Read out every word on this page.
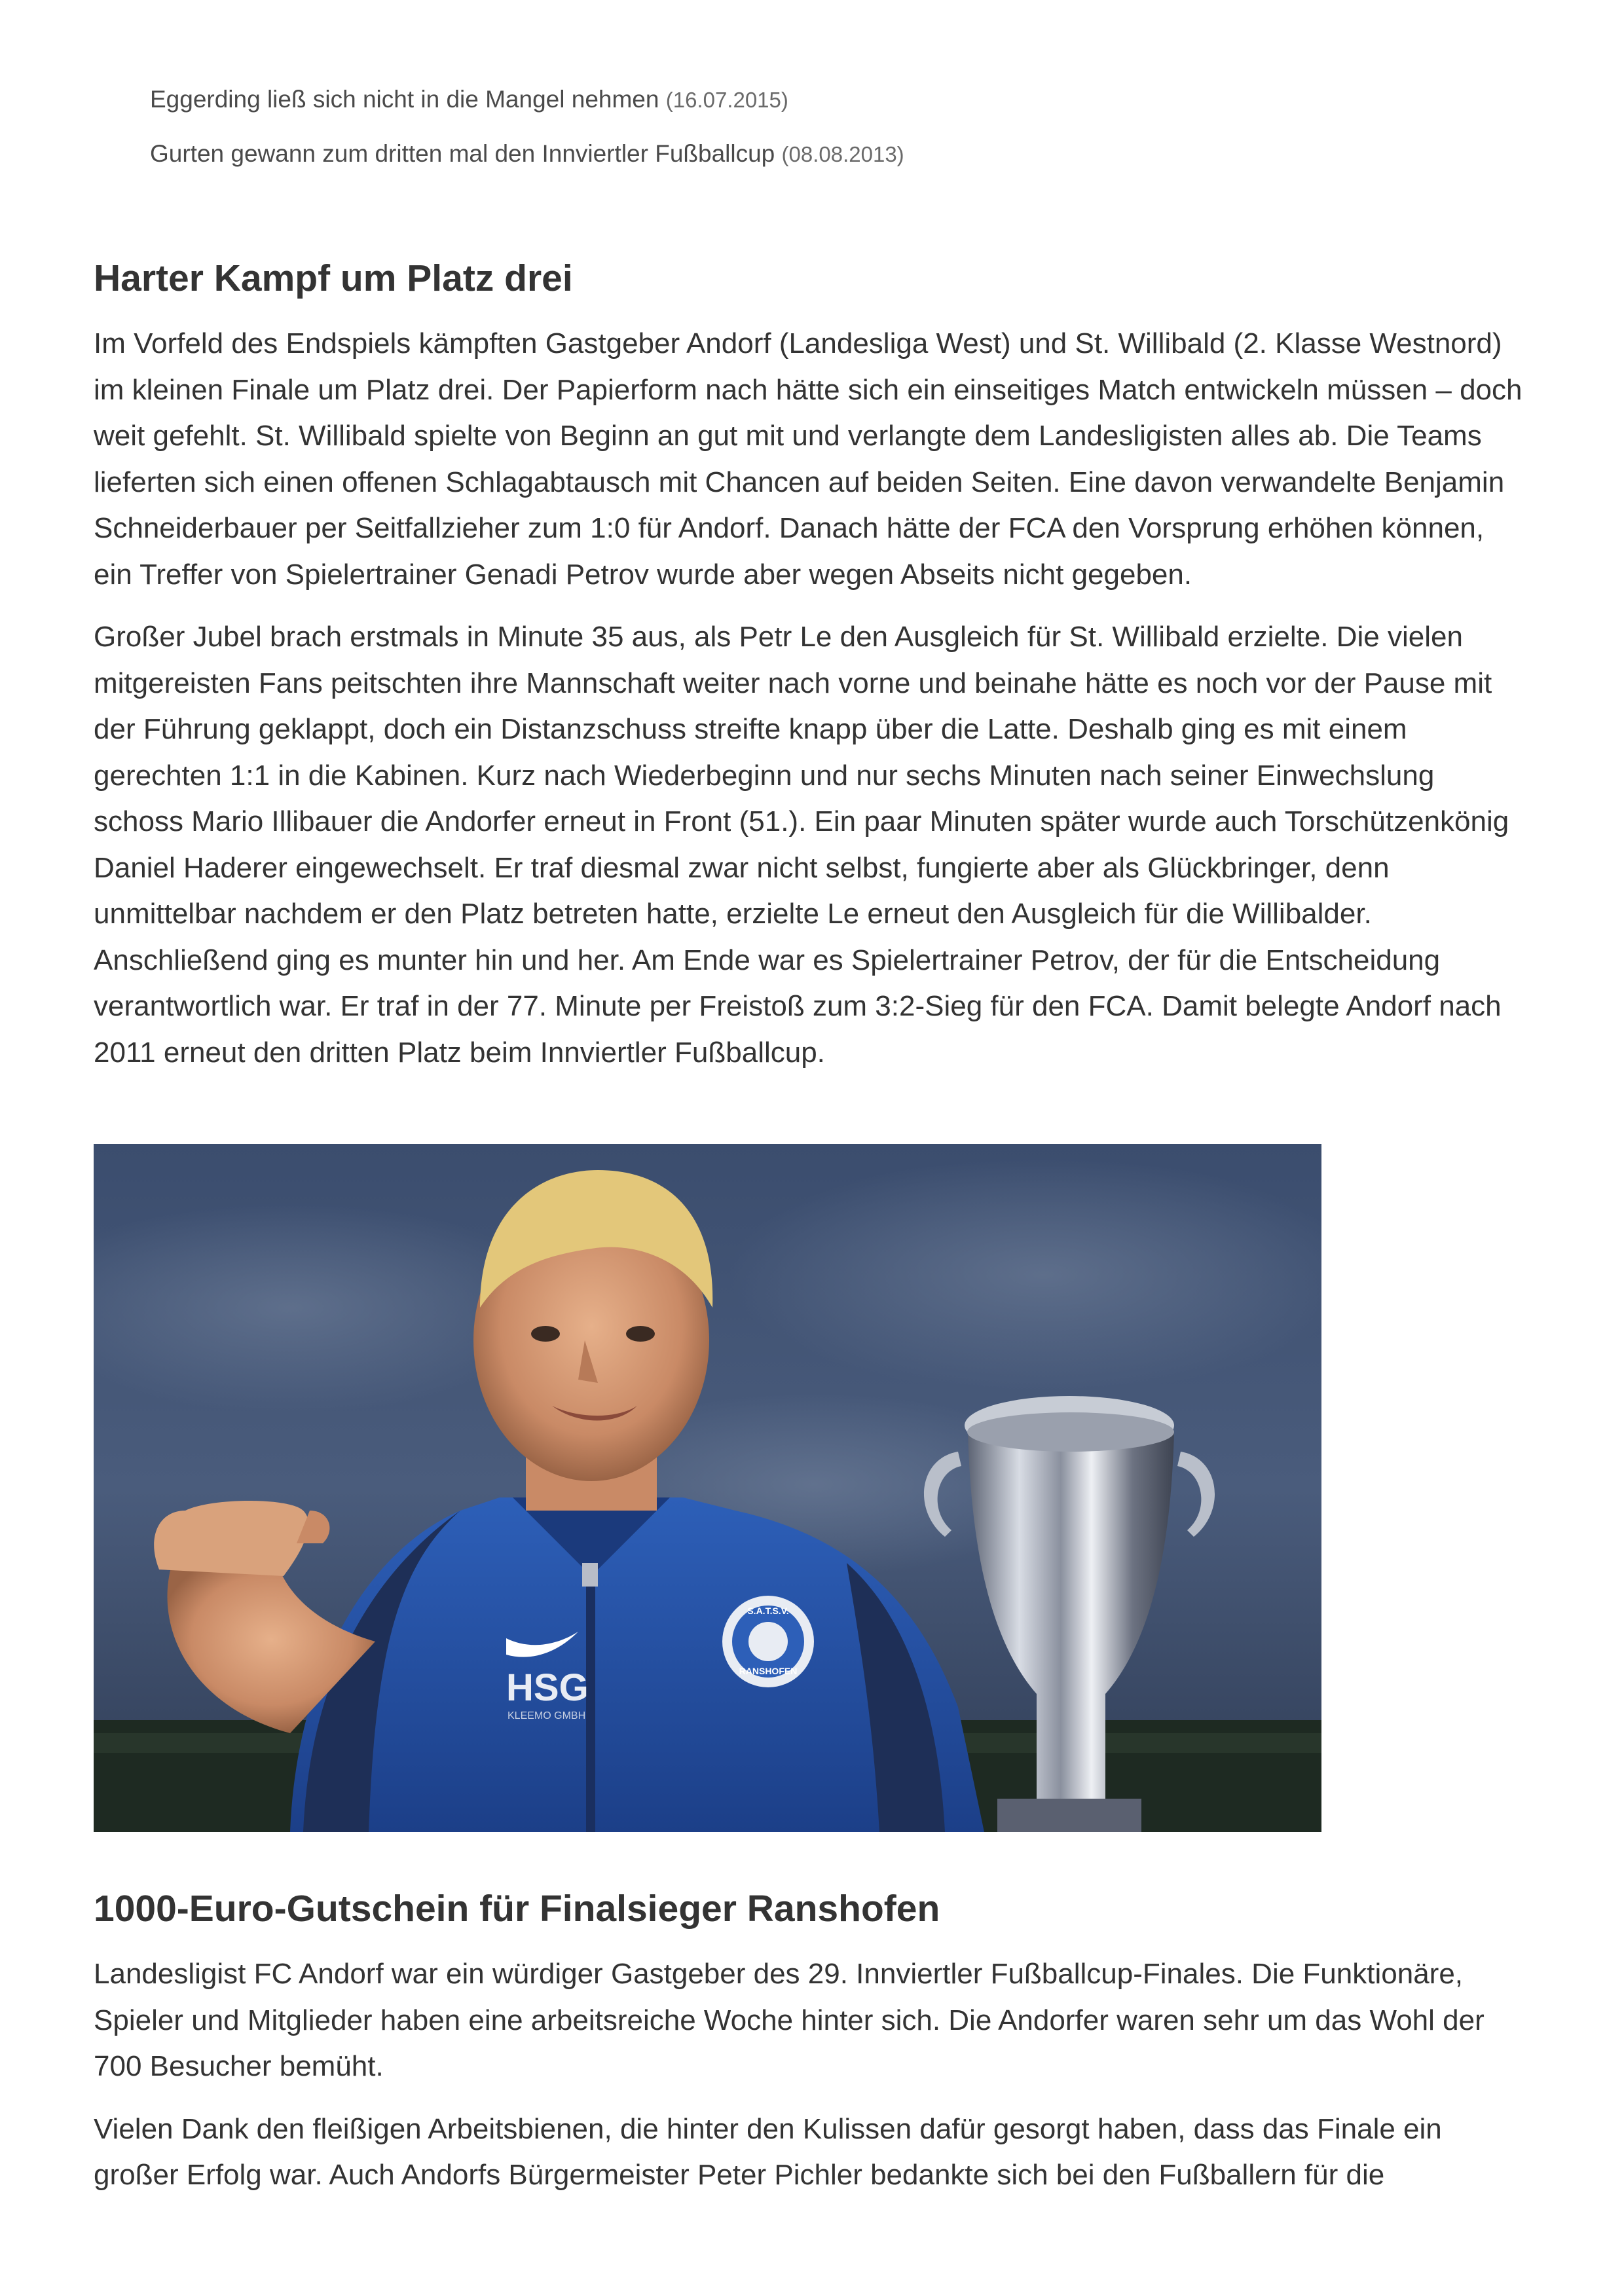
Eggerding ließ sich nicht in die Mangel nehmen (16.07.2015)
Gurten gewann zum dritten mal den Innviertler Fußballcup (08.08.2013)
Harter Kampf um Platz drei

Im Vorfeld des Endspiels kämpften Gastgeber Andorf (Landesliga West) und St. Willibald (2. Klasse Westnord) im kleinen Finale um Platz drei. Der Papierform nach hätte sich ein einseitiges Match entwickeln müssen – doch weit gefehlt. St. Willibald spielte von Beginn an gut mit und verlangte dem Landesligisten alles ab. Die Teams lieferten sich einen offenen Schlagabtausch mit Chancen auf beiden Seiten. Eine davon verwandelte Benjamin Schneiderbauer per Seitfallzieher zum 1:0 für Andorf. Danach hätte der FCA den Vorsprung erhöhen können, ein Treffer von Spielertrainer Genadi Petrov wurde aber wegen Abseits nicht gegeben.

Großer Jubel brach erstmals in Minute 35 aus, als Petr Le den Ausgleich für St. Willibald erzielte. Die vielen mitgereisten Fans peitschten ihre Mannschaft weiter nach vorne und beinahe hätte es noch vor der Pause mit der Führung geklappt, doch ein Distanzschuss streifte knapp über die Latte. Deshalb ging es mit einem gerechten 1:1 in die Kabinen. Kurz nach Wiederbeginn und nur sechs Minuten nach seiner Einwechslung schoss Mario Illibauer die Andorfer erneut in Front (51.). Ein paar Minuten später wurde auch Torschützenkönig Daniel Haderer eingewechselt. Er traf diesmal zwar nicht selbst, fungierte aber als Glückbringer, denn unmittelbar nachdem er den Platz betreten hatte, erzielte Le erneut den Ausgleich für die Willibalder. Anschließend ging es munter hin und her. Am Ende war es Spielertrainer Petrov, der für die Entscheidung verantwortlich war. Er traf in der 77. Minute per Freistoß zum 3:2-Sieg für den FCA. Damit belegte Andorf nach 2011 erneut den dritten Platz beim Innviertler Fußballcup.

HSG
KLEEMO GMBH
S.A.T.S.V.
RANSHOFEN
1000-Euro-Gutschein für Finalsieger Ranshofen

Landesligist FC Andorf war ein würdiger Gastgeber des 29. Innviertler Fußballcup-Finales. Die Funktionäre, Spieler und Mitglieder haben eine arbeitsreiche Woche hinter sich. Die Andorfer waren sehr um das Wohl der 700 Besucher bemüht.

Vielen Dank den fleißigen Arbeitsbienen, die hinter den Kulissen dafür gesorgt haben, dass das Finale ein großer Erfolg war. Auch Andorfs Bürgermeister Peter Pichler bedankte sich bei den Fußballern für die
